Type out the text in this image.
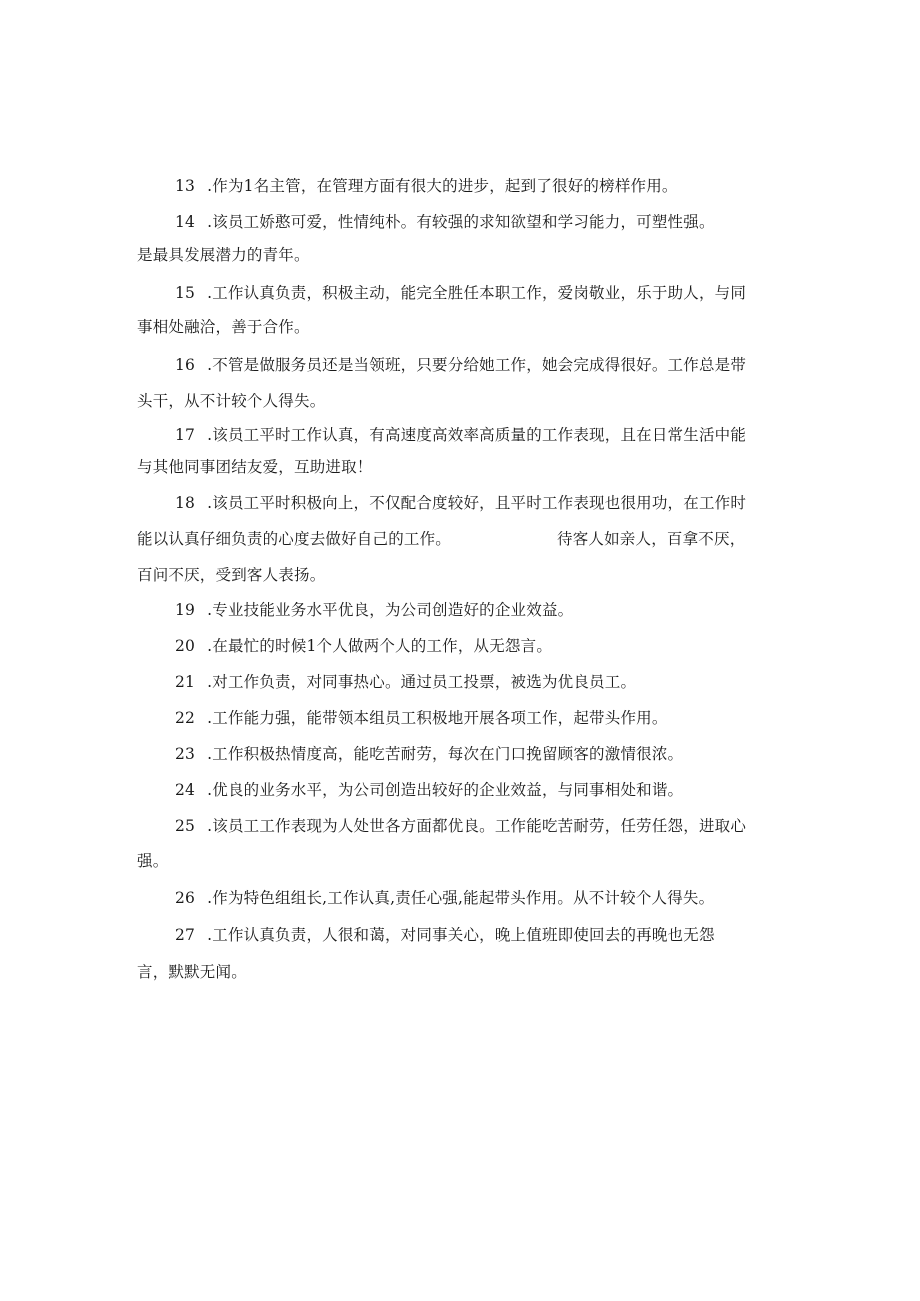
13 .作为1名主管，在管理方面有很大的进步，起到了很好的榜样作用。
14 .该员工娇憨可爱，性情纯朴。有较强的求知欲望和学习能力，可塑性强。
是最具发展潜力的青年。
15 .工作认真负责，积极主动，能完全胜任本职工作，爱岗敬业，乐于助人，与同
事相处融洽，善于合作。
16 .不管是做服务员还是当领班，只要分给她工作，她会完成得很好。工作总是带
头干，从不计较个人得失。
17 .该员工平时工作认真，有高速度高效率高质量的工作表现，且在日常生活中能
与其他同事团结友爱，互助进取！
18 .该员工平时积极向上，不仅配合度较好，且平时工作表现也很用功，在工作时
能以认真仔细负责的心度去做好自己的工作。	待客人如亲人，百拿不厌，
百问不厌，受到客人表扬。
19 .专业技能业务水平优良，为公司创造好的企业效益。
20 .在最忙的时候1个人做两个人的工作，从无怨言。
21 .对工作负责，对同事热心。通过员工投票，被选为优良员工。
22 .工作能力强，能带领本组员工积极地开展各项工作，起带头作用。
23 .工作积极热情度高，能吃苦耐劳，每次在门口挽留顾客的激情很浓。
24 .优良的业务水平，为公司创造出较好的企业效益，与同事相处和谐。
25 .该员工工作表现为人处世各方面都优良。工作能吃苦耐劳，任劳任怨，进取心
强。
26 .作为特色组组长,工作认真,责任心强,能起带头作用。从不计较个人得失。
27 .工作认真负责，人很和蔼，对同事关心，晚上值班即使回去的再晚也无怨
言，默默无闻。
